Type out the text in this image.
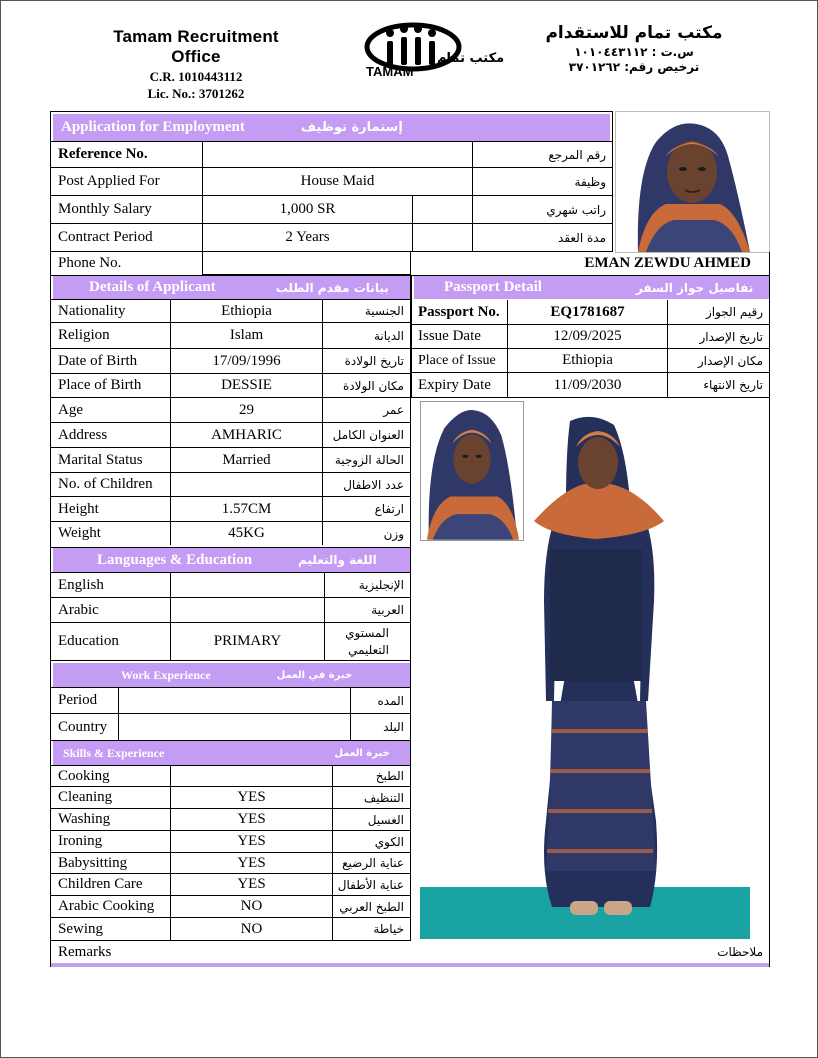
Tamam Recruitment Office
C.R. 1010443112
Lic. No.: 3701262
TAMAM
مكتب تمام
مكتب تمام للاستقدام
س.ت : ١٠١٠٤٤٣١١٢
ترخيص رقم: ٣٧٠١٢٦٢
Application for Employment	إستمارة توظيف
Reference No.	رقم المرجع
Post Applied For	House Maid	وظيفة
Monthly Salary	1,000 SR	راتب شهري
Contract Period	2 Years	مدة العقد
Phone No.	EMAN ZEWDU AHMED
Details of Applicant	بيانات مقدم الطلب
Nationality	Ethiopia	الجنسية
Religion	Islam	الديانة
Date of Birth	17/09/1996	تاريخ الولادة
Place of Birth	DESSIE	مكان الولادة
Age	29	عمر
Address	AMHARIC	العنوان الكامل
Marital Status	Married	الحالة الزوجية
No. of Children	عدد الاطفال
Height	1.57CM	ارتفاع
Weight	45KG	وزن
Passport Detail	تفاصيل جواز السفر
Passport No.	EQ1781687	رقيم الجواز
Issue Date	12/09/2025	تاريخ الإصدار
Place of Issue	Ethiopia	مكان الإصدار
Expiry Date	11/09/2030	تاريخ الانتهاء
Languages & Education	اللغة والتعليم
English	الإنجليزية
Arabic	العربية
Education	PRIMARY
المستوي التعليمي
Work Experience	خبرة في العمل
Period	المده
Country	البلد
Skills & Experience	خبرة العمل
Cooking	الطبخ
Cleaning	YES	التنظيف
Washing	YES	الغسيل
Ironing	YES	الكوي
Babysitting	YES	عناية الرضيع
Children Care	YES	عناية الأطفال
Arabic Cooking	NO	الطبخ العربي
Sewing	NO	خياطة
Remarks	ملاحظات
